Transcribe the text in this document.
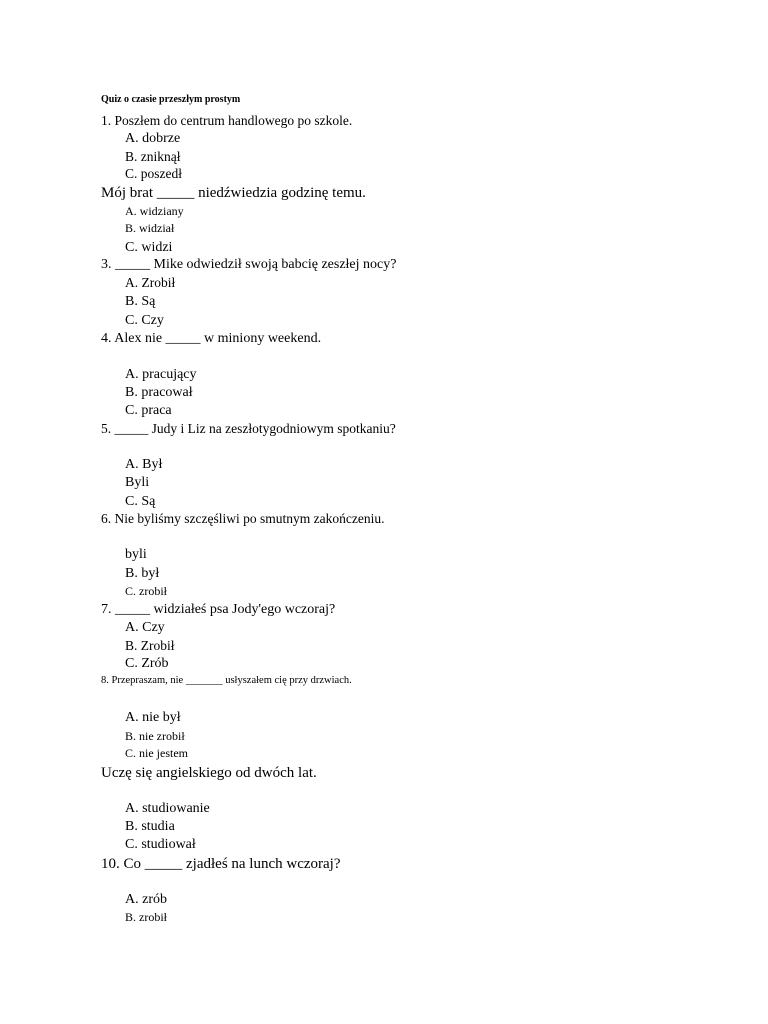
Quiz o czasie przeszłym prostym
1. Poszłem do centrum handlowego po szkole.
A. dobrze
B. zniknął
C. poszedł
Mój brat _____ niedźwiedzia godzinę temu.
A. widziany
B. widział
C. widzi
3. _____ Mike odwiedził swoją babcię zeszłej nocy?
A. Zrobił
B. Są
C. Czy
4. Alex nie _____ w miniony weekend.
A. pracujący
B. pracował
C. praca
5. _____ Judy i Liz na zeszłotygodniowym spotkaniu?
A. Był
Byli
C. Są
6. Nie byliśmy szczęśliwi po smutnym zakończeniu.
byli
B. był
C. zrobił
7. _____ widziałeś psa Jody'ego wczoraj?
A. Czy
B. Zrobił
C. Zrób
8. Przepraszam, nie _______ usłyszałem cię przy drzwiach.
A. nie był
B. nie zrobił
C. nie jestem
Uczę się angielskiego od dwóch lat.
A. studiowanie
B. studia
C. studiował
10. Co _____ zjadłeś na lunch wczoraj?
A. zrób
B. zrobił
